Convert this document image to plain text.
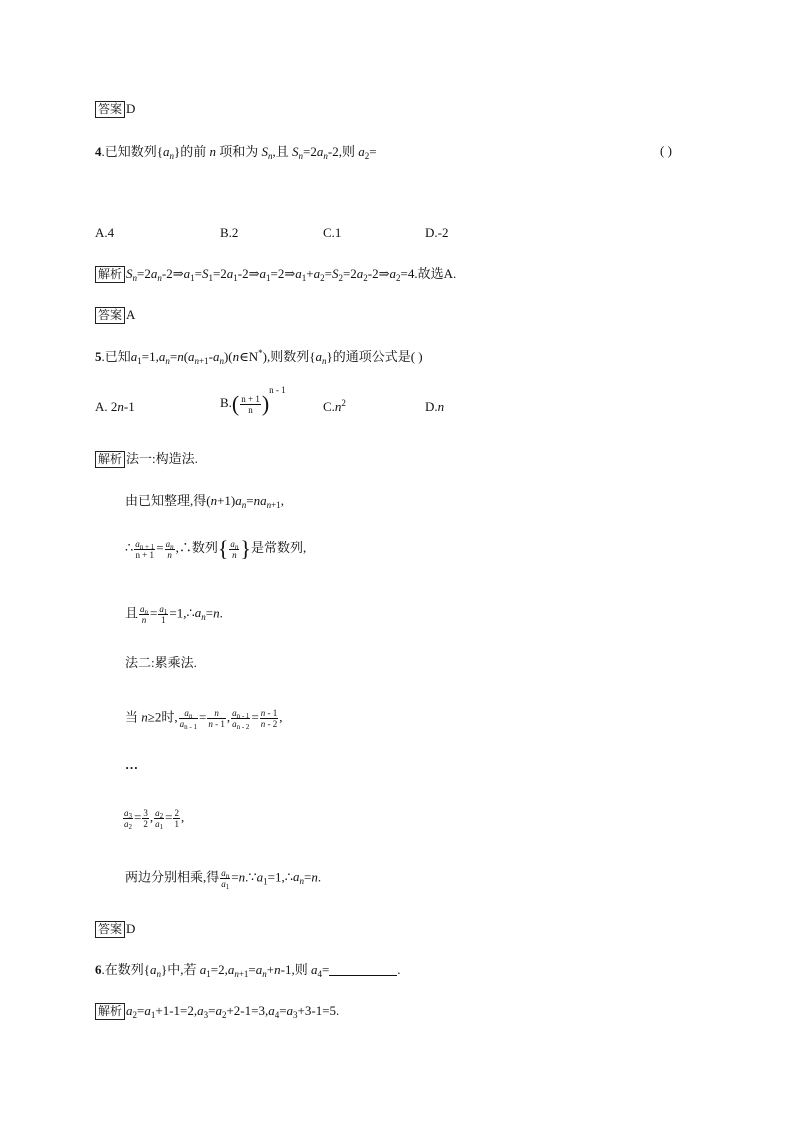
答案 D
4.已知数列$\{a_n\}$的前 n 项和为 $S_n$,且 $S_n=2a_n-2$,则 $a_2=$	( )
A.4	B.2	C.1	D.-2
解析 $S_n=2a_n-2\Rightarrow a_1=S_1=2a_1-2\Rightarrow a_1=2\Rightarrow a_1+a_2=S_2=2a_2-2\Rightarrow a_2=4$.故选A.
答案 A
5.已知$a_1=1,a_n=n(a_{n+1}-a_n)(n\in N^*)$,则数列$\{a_n\}$的通项公式是( )
A. 2n-1	$B.( \frac{n + 1}{n} )^{n - 1}$
$C.n^2$	D.n
解析 法一:构造法.
由已知整理,得$(n+1)a_n=na_{n+1}$,
∴ $\frac{a_{n + 1}}{n + 1} = \frac{a_n}{n}$ ,∴数列{ $\frac{a_n}{n}$ }是常数列,
且 $\frac{a_n}{n} = \frac{a_1}{1}$ $=1,\therefore a_n=n$.
法二:累乘法.
当 n≥2时, $\frac{a_n}{a_{n - 1}} = \frac{n}{n - 1}$ , $\frac{a_{n - 1}}{a_{n - 2}} = \frac{n - 1}{n - 2}$ ,
…
$\frac{a_3}{a_2} = \frac{3}{2}$ , $\frac{a_2}{a_1} = \frac{2}{1}$ ,
两边分别相乘,得 $\frac{a_n}{a_1}$ $=n.\because a_1=1,\therefore a_n=n$.
答案 D
6.在数列$\{a_n\}$中,若 $a_1=2,a_{n+1}=a_n+n-1$,则 $a_4=$	.
解析 $a_2=a_1+1-1=2,a_3=a_2+2-1=3,a_4=a_3+3-1=5$.
